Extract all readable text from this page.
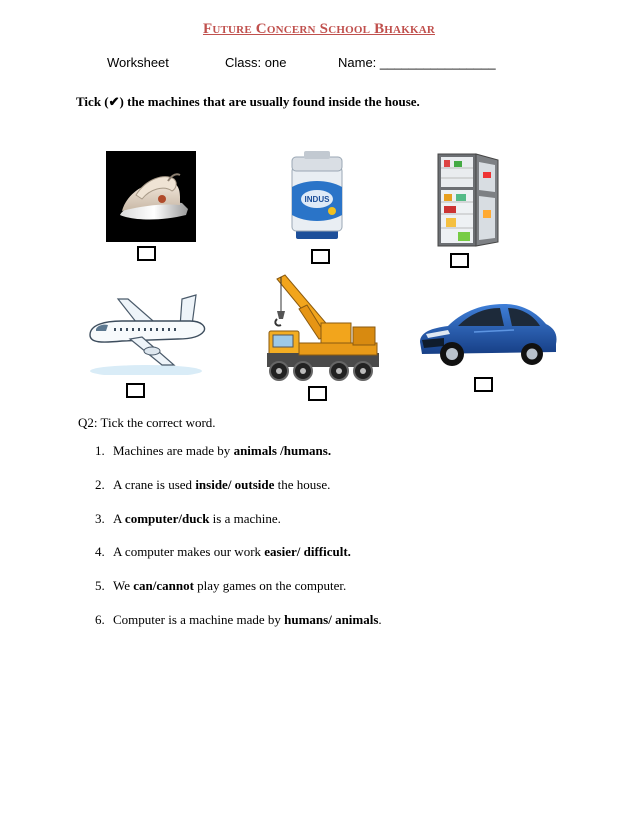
Future Concern School Bhakkar
Worksheet	Class: one	Name: ________________
Tick (✔) the machines that are usually found inside the house.
INDUS
Q2: Tick the correct word.
1. Machines are made by animals /humans.
2. A crane is used inside/ outside the house.
3. A computer/duck is a machine.
4. A computer makes our work easier/ difficult.
5. We can/cannot play games on the computer.
6. Computer is a machine made by humans/ animals.
